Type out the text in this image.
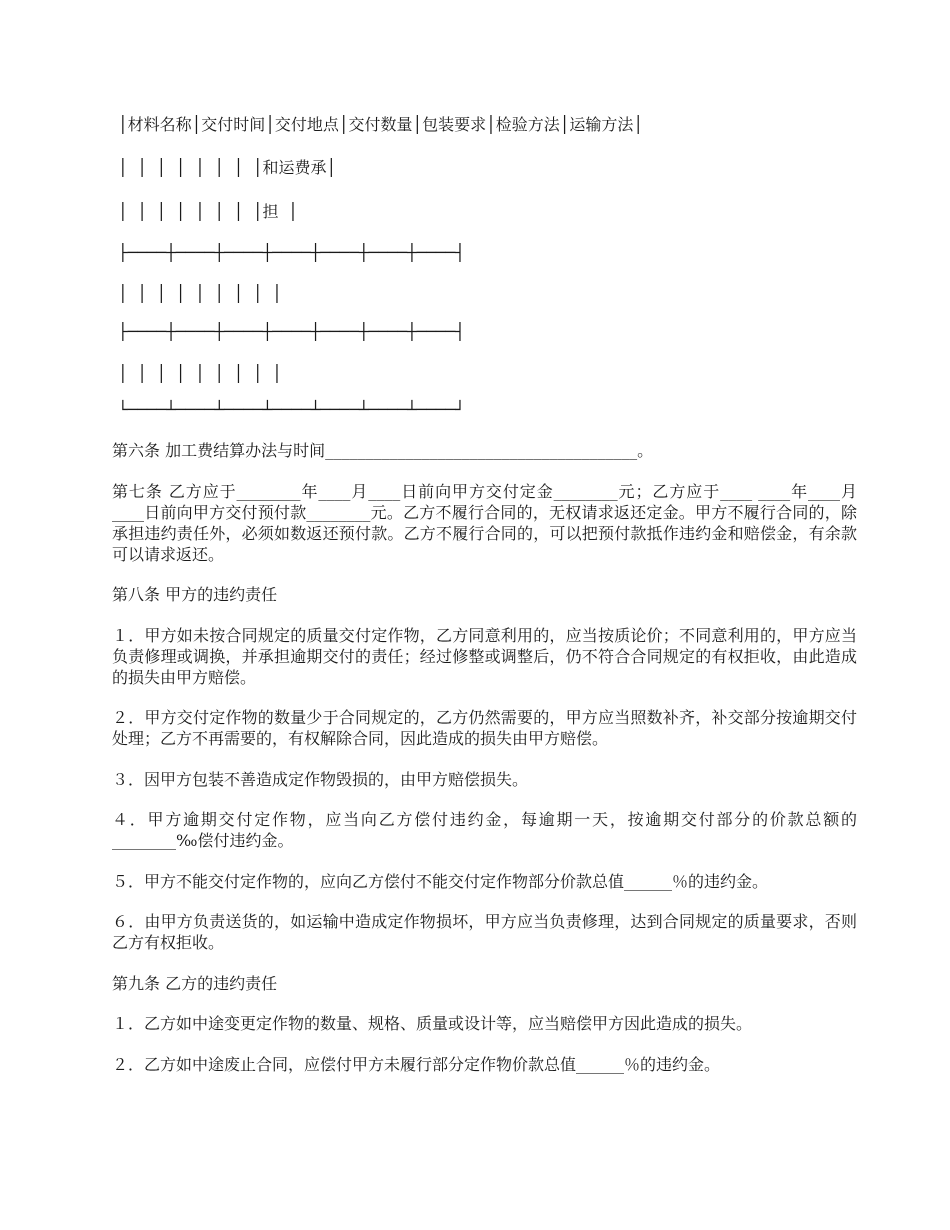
│材料名称│交付时间│交付地点│交付数量│包装要求│检验方法│运输方法│
│ │ │ │ │ │ │ │和运费承│
│ │ │ │ │ │ │ │担 │
├────┼────┼────┼────┼────┼────┼────┤
│ │ │ │ │ │ │ │ │
├────┼────┼────┼────┼────┼────┼────┤
│ │ │ │ │ │ │ │ │
└────┴────┴────┴────┴────┴────┴────┘

第六条 加工费结算办法与时间_______________________________________。

第七条 乙方应于________年____月____日前向甲方交付定金________元；乙方应于____ ____年____月____日前向甲方交付预付款________元。乙方不履行合同的，无权请求返还定金。甲方不履行合同的，除承担违约责任外，必须如数返还预付款。乙方不履行合同的，可以把预付款抵作违约金和赔偿金，有余款可以请求返还。

第八条 甲方的违约责任

１．甲方如未按合同规定的质量交付定作物，乙方同意利用的，应当按质论价；不同意利用的，甲方应当负责修理或调换，并承担逾期交付的责任；经过修整或调整后，仍不符合合同规定的有权拒收，由此造成的损失由甲方赔偿。

２．甲方交付定作物的数量少于合同规定的，乙方仍然需要的，甲方应当照数补齐，补交部分按逾期交付处理；乙方不再需要的，有权解除合同，因此造成的损失由甲方赔偿。

３．因甲方包装不善造成定作物毁损的，由甲方赔偿损失。

４．甲方逾期交付定作物，应当向乙方偿付违约金，每逾期一天，按逾期交付部分的价款总额的________‰偿付违约金。

５．甲方不能交付定作物的，应向乙方偿付不能交付定作物部分价款总值______％的违约金。

６．由甲方负责送货的，如运输中造成定作物损坏，甲方应当负责修理，达到合同规定的质量要求，否则乙方有权拒收。

第九条 乙方的违约责任

１．乙方如中途变更定作物的数量、规格、质量或设计等，应当赔偿甲方因此造成的损失。

２．乙方如中途废止合同，应偿付甲方未履行部分定作物价款总值______％的违约金。
